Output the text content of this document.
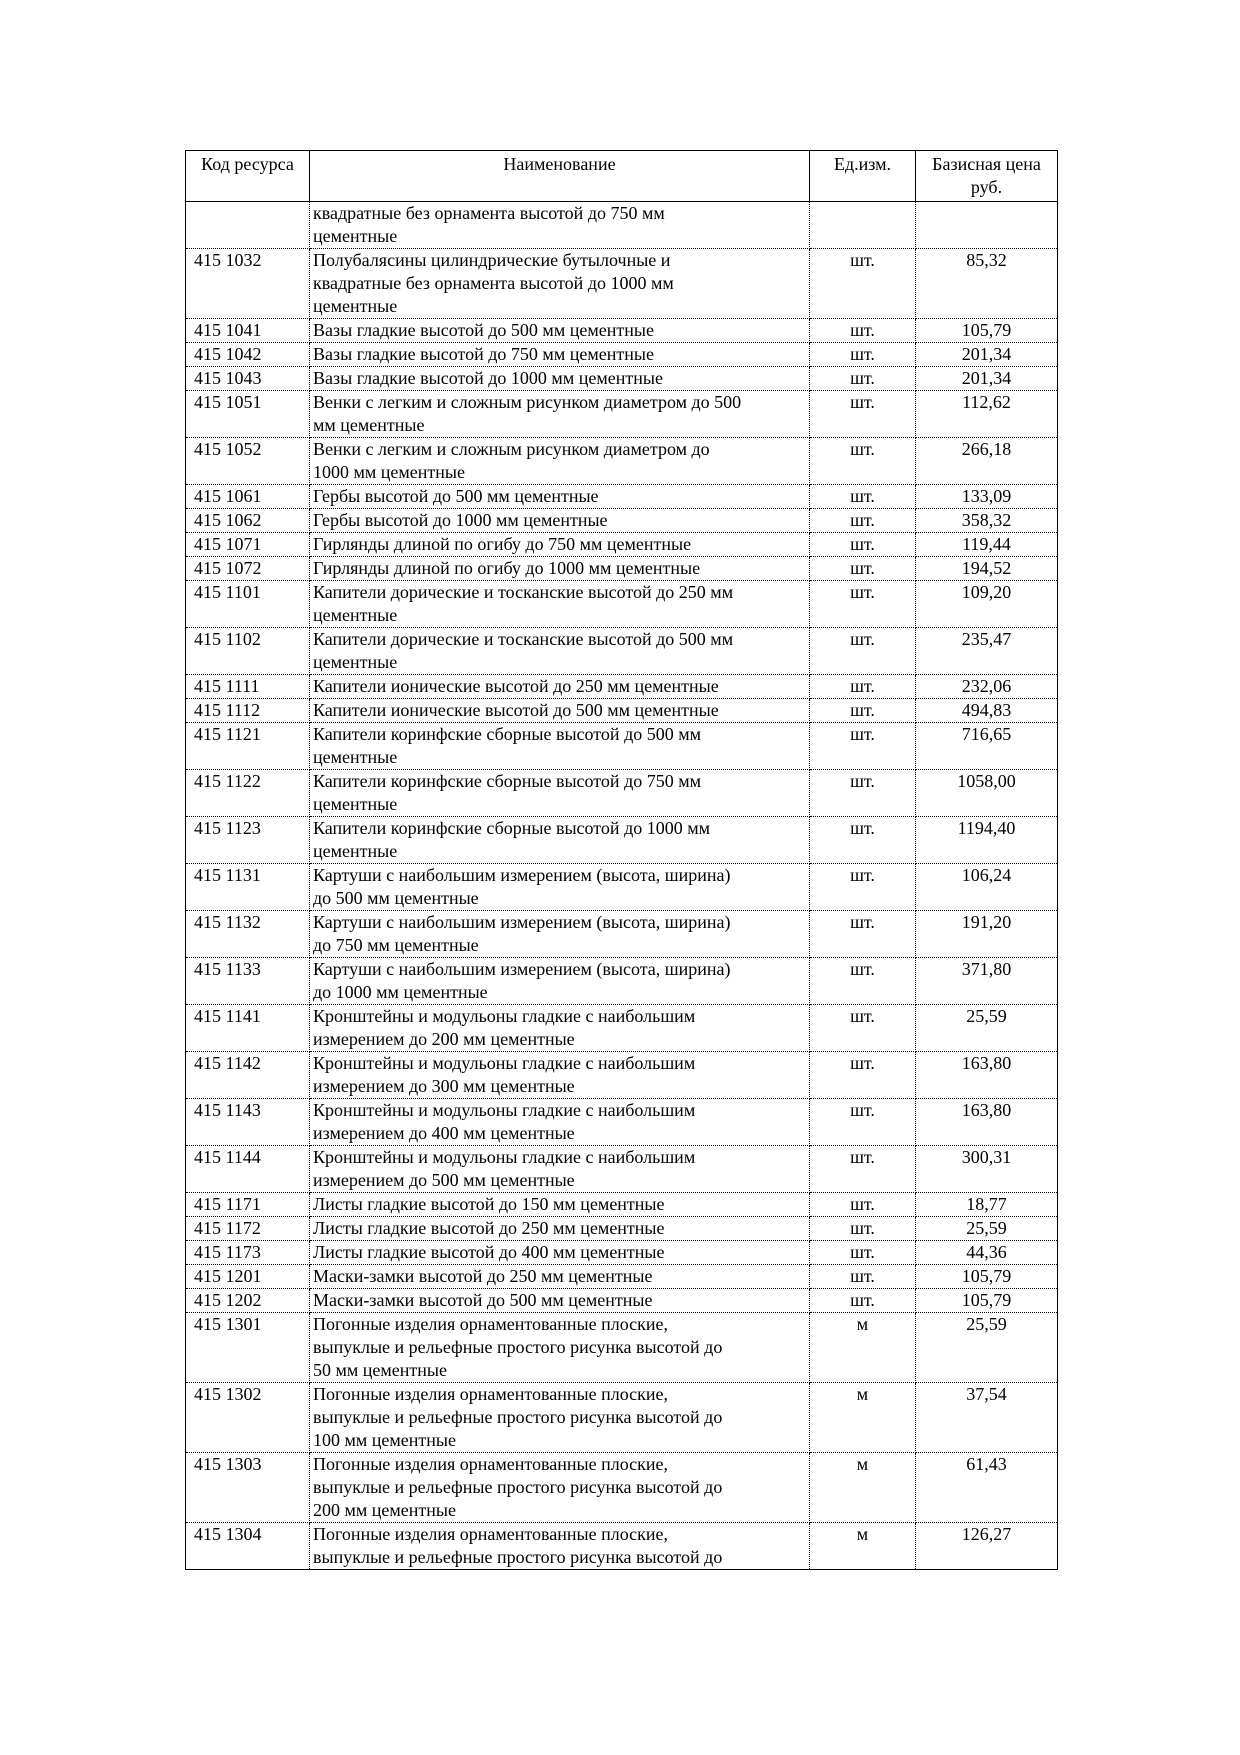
Код ресурса	Наименование	Ед.изм.	Базисная цена
руб.
	квадратные без орнамента высотой до 750 мм
цементные		
415 1032	Полубалясины цилиндрические бутылочные и
квадратные без орнамента высотой до 1000 мм
цементные	шт.	85,32
415 1041	Вазы гладкие высотой до 500 мм цементные	шт.	105,79
415 1042	Вазы гладкие высотой до 750 мм цементные	шт.	201,34
415 1043	Вазы гладкие высотой до 1000 мм цементные	шт.	201,34
415 1051	Венки с легким и сложным рисунком диаметром до 500
мм цементные	шт.	112,62
415 1052	Венки с легким и сложным рисунком диаметром до
1000 мм цементные	шт.	266,18
415 1061	Гербы высотой до 500 мм цементные	шт.	133,09
415 1062	Гербы высотой до 1000 мм цементные	шт.	358,32
415 1071	Гирлянды длиной по огибу до 750 мм цементные	шт.	119,44
415 1072	Гирлянды длиной по огибу до 1000 мм цементные	шт.	194,52
415 1101	Капители дорические и тосканские высотой до 250 мм
цементные	шт.	109,20
415 1102	Капители дорические и тосканские высотой до 500 мм
цементные	шт.	235,47
415 1111	Капители ионические высотой до 250 мм цементные	шт.	232,06
415 1112	Капители ионические высотой до 500 мм цементные	шт.	494,83
415 1121	Капители коринфские сборные высотой до 500 мм
цементные	шт.	716,65
415 1122	Капители коринфские сборные высотой до 750 мм
цементные	шт.	1058,00
415 1123	Капители коринфские сборные высотой до 1000 мм
цементные	шт.	1194,40
415 1131	Картуши с наибольшим измерением (высота, ширина)
до 500 мм цементные	шт.	106,24
415 1132	Картуши с наибольшим измерением (высота, ширина)
до 750 мм цементные	шт.	191,20
415 1133	Картуши с наибольшим измерением (высота, ширина)
до 1000 мм цементные	шт.	371,80
415 1141	Кронштейны и модульоны гладкие с наибольшим
измерением до 200 мм цементные	шт.	25,59
415 1142	Кронштейны и модульоны гладкие с наибольшим
измерением до 300 мм цементные	шт.	163,80
415 1143	Кронштейны и модульоны гладкие с наибольшим
измерением до 400 мм цементные	шт.	163,80
415 1144	Кронштейны и модульоны гладкие с наибольшим
измерением до 500 мм цементные	шт.	300,31
415 1171	Листы гладкие высотой до 150 мм цементные	шт.	18,77
415 1172	Листы гладкие высотой до 250 мм цементные	шт.	25,59
415 1173	Листы гладкие высотой до 400 мм цементные	шт.	44,36
415 1201	Маски-замки высотой до 250 мм цементные	шт.	105,79
415 1202	Маски-замки высотой до 500 мм цементные	шт.	105,79
415 1301	Погонные изделия орнаментованные плоские,
выпуклые и рельефные простого рисунка высотой до
50 мм цементные	м	25,59
415 1302	Погонные изделия орнаментованные плоские,
выпуклые и рельефные простого рисунка высотой до
100 мм цементные	м	37,54
415 1303	Погонные изделия орнаментованные плоские,
выпуклые и рельефные простого рисунка высотой до
200 мм цементные	м	61,43
415 1304	Погонные изделия орнаментованные плоские,
выпуклые и рельефные простого рисунка высотой до	м	126,27
